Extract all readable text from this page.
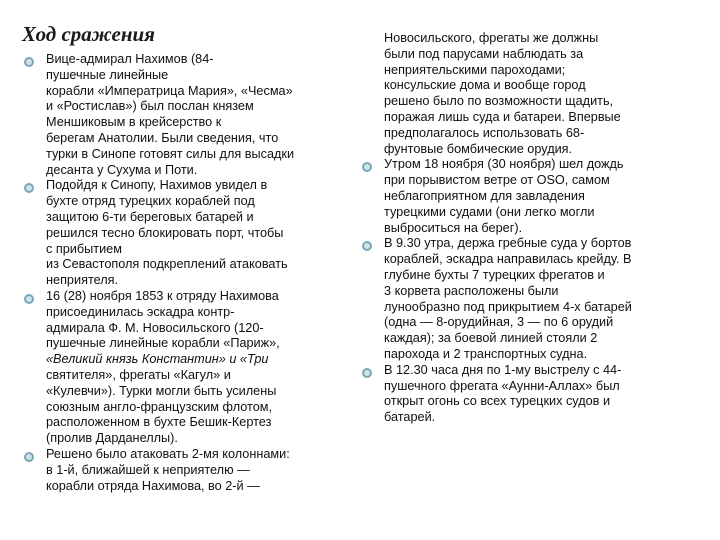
Ход сражения
Вице-адмирал Нахимов (84-
пушечные линейные
корабли «Императрица Мария», «Чесма»
и «Ростислав») был послан князем
Меншиковым в крейсерство к
берегам Анатолии. Были сведения, что
турки в Синопе готовят силы для высадки
десанта у Сухума и Поти.
Подойдя к Синопу, Нахимов увидел в
бухте отряд турецких кораблей под
защитою 6-ти береговых батарей и
решился тесно блокировать порт, чтобы
с прибытием
из Севастополя подкреплений атаковать
неприятеля.
16 (28) ноября 1853 к отряду Нахимова
присоединилась эскадра контр-
адмирала Ф. М. Новосильского (120-
пушечные линейные корабли «Париж»,
«Великий князь Константин» и «Три
святителя», фрегаты «Кагул» и
«Кулевчи»). Турки могли быть усилены
союзным англо-французским флотом,
расположенном в бухте Бешик-Кертез
(пролив Дарданеллы).
Решено было атаковать 2-мя колоннами:
в 1-й, ближайшей к неприятелю —
корабли отряда Нахимова, во 2-й —
Новосильского, фрегаты же должны
были под парусами наблюдать за
неприятельскими пароходами;
консульские дома и вообще город
решено было по возможности щадить,
поражая лишь суда и батареи. Впервые
предполагалось использовать 68-
фунтовые бомбические орудия.
Утром 18 ноября (30 ноября) шел дождь
при порывистом ветре от OSO, самом
неблагоприятном для завладения
турецкими судами (они легко могли
выброситься на берег).
В 9.30 утра, держа гребные суда у бортов
кораблей, эскадра направилась крейду. В
глубине бухты 7 турецких фрегатов и
3 корвета расположены были
лунообразно под прикрытием 4-х батарей
(одна — 8-орудийная, 3 — по 6 орудий
каждая); за боевой линией стояли 2
парохода и 2 транспортных судна.
В 12.30 часа дня по 1-му выстрелу с 44-
пушечного фрегата «Аунни-Аллах» был
открыт огонь со всех турецких судов и
батарей.
